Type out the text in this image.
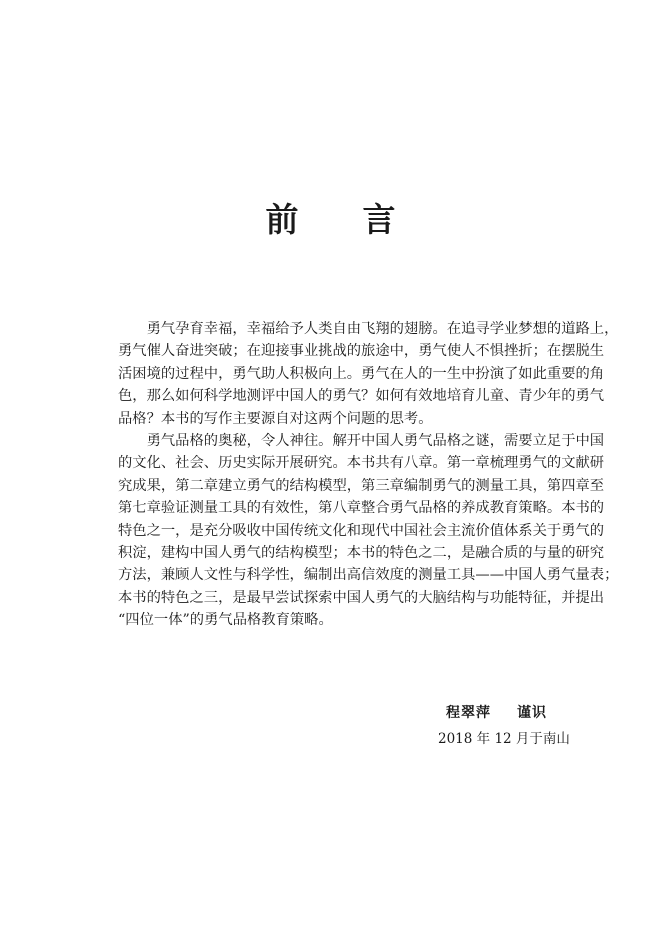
前 言
　　勇气孕育幸福，幸福给予人类自由飞翔的翅膀。在追寻学业梦想的道路上，
勇气催人奋进突破；在迎接事业挑战的旅途中，勇气使人不惧挫折；在摆脱生
活困境的过程中，勇气助人积极向上。勇气在人的一生中扮演了如此重要的角
色，那么如何科学地测评中国人的勇气？如何有效地培育儿童、青少年的勇气
品格？本书的写作主要源自对这两个问题的思考。
　　勇气品格的奥秘，令人神往。解开中国人勇气品格之谜，需要立足于中国
的文化、社会、历史实际开展研究。本书共有八章。第一章梳理勇气的文献研
究成果，第二章建立勇气的结构模型，第三章编制勇气的测量工具，第四章至
第七章验证测量工具的有效性，第八章整合勇气品格的养成教育策略。本书的
特色之一，是充分吸收中国传统文化和现代中国社会主流价值体系关于勇气的
积淀，建构中国人勇气的结构模型；本书的特色之二，是融合质的与量的研究
方法，兼顾人文性与科学性，编制出高信效度的测量工具——中国人勇气量表；
本书的特色之三，是最早尝试探索中国人勇气的大脑结构与功能特征，并提出
“四位一体”的勇气品格教育策略。
程翠萍 谨识
2018 年 12 月于南山
